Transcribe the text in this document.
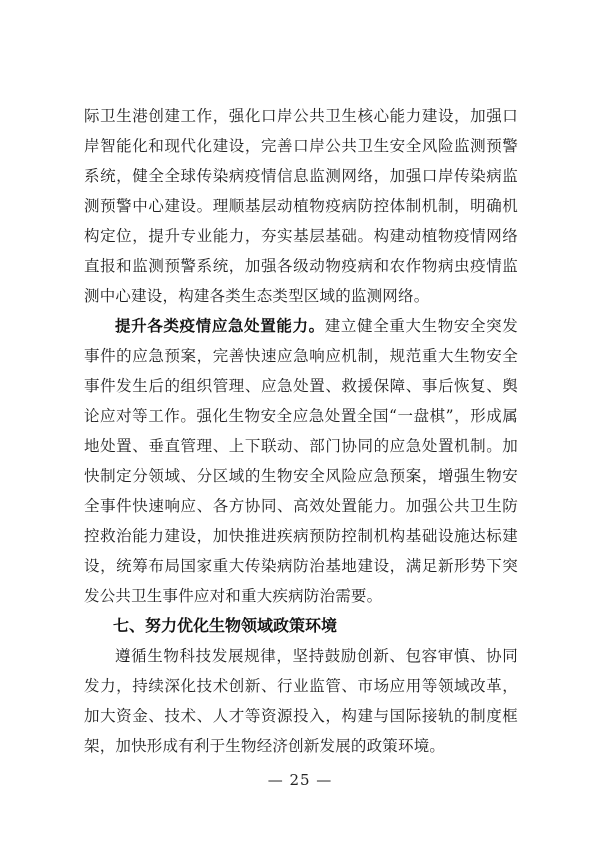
际卫生港创建工作，强化口岸公共卫生核心能力建设，加强口岸智能化和现代化建设，完善口岸公共卫生安全风险监测预警系统，健全全球传染病疫情信息监测网络，加强口岸传染病监测预警中心建设。理顺基层动植物疫病防控体制机制，明确机构定位，提升专业能力，夯实基层基础。构建动植物疫情网络直报和监测预警系统，加强各级动物疫病和农作物病虫疫情监测中心建设，构建各类生态类型区域的监测网络。

提升各类疫情应急处置能力。建立健全重大生物安全突发事件的应急预案，完善快速应急响应机制，规范重大生物安全事件发生后的组织管理、应急处置、救援保障、事后恢复、舆论应对等工作。强化生物安全应急处置全国“一盘棋”，形成属地处置、垂直管理、上下联动、部门协同的应急处置机制。加快制定分领域、分区域的生物安全风险应急预案，增强生物安全事件快速响应、各方协同、高效处置能力。加强公共卫生防控救治能力建设，加快推进疾病预防控制机构基础设施达标建设，统筹布局国家重大传染病防治基地建设，满足新形势下突发公共卫生事件应对和重大疾病防治需要。

七、努力优化生物领域政策环境

遵循生物科技发展规律，坚持鼓励创新、包容审慎、协同发力，持续深化技术创新、行业监管、市场应用等领域改革，加大资金、技术、人才等资源投入，构建与国际接轨的制度框架，加快形成有利于生物经济创新发展的政策环境。

— 25 —
